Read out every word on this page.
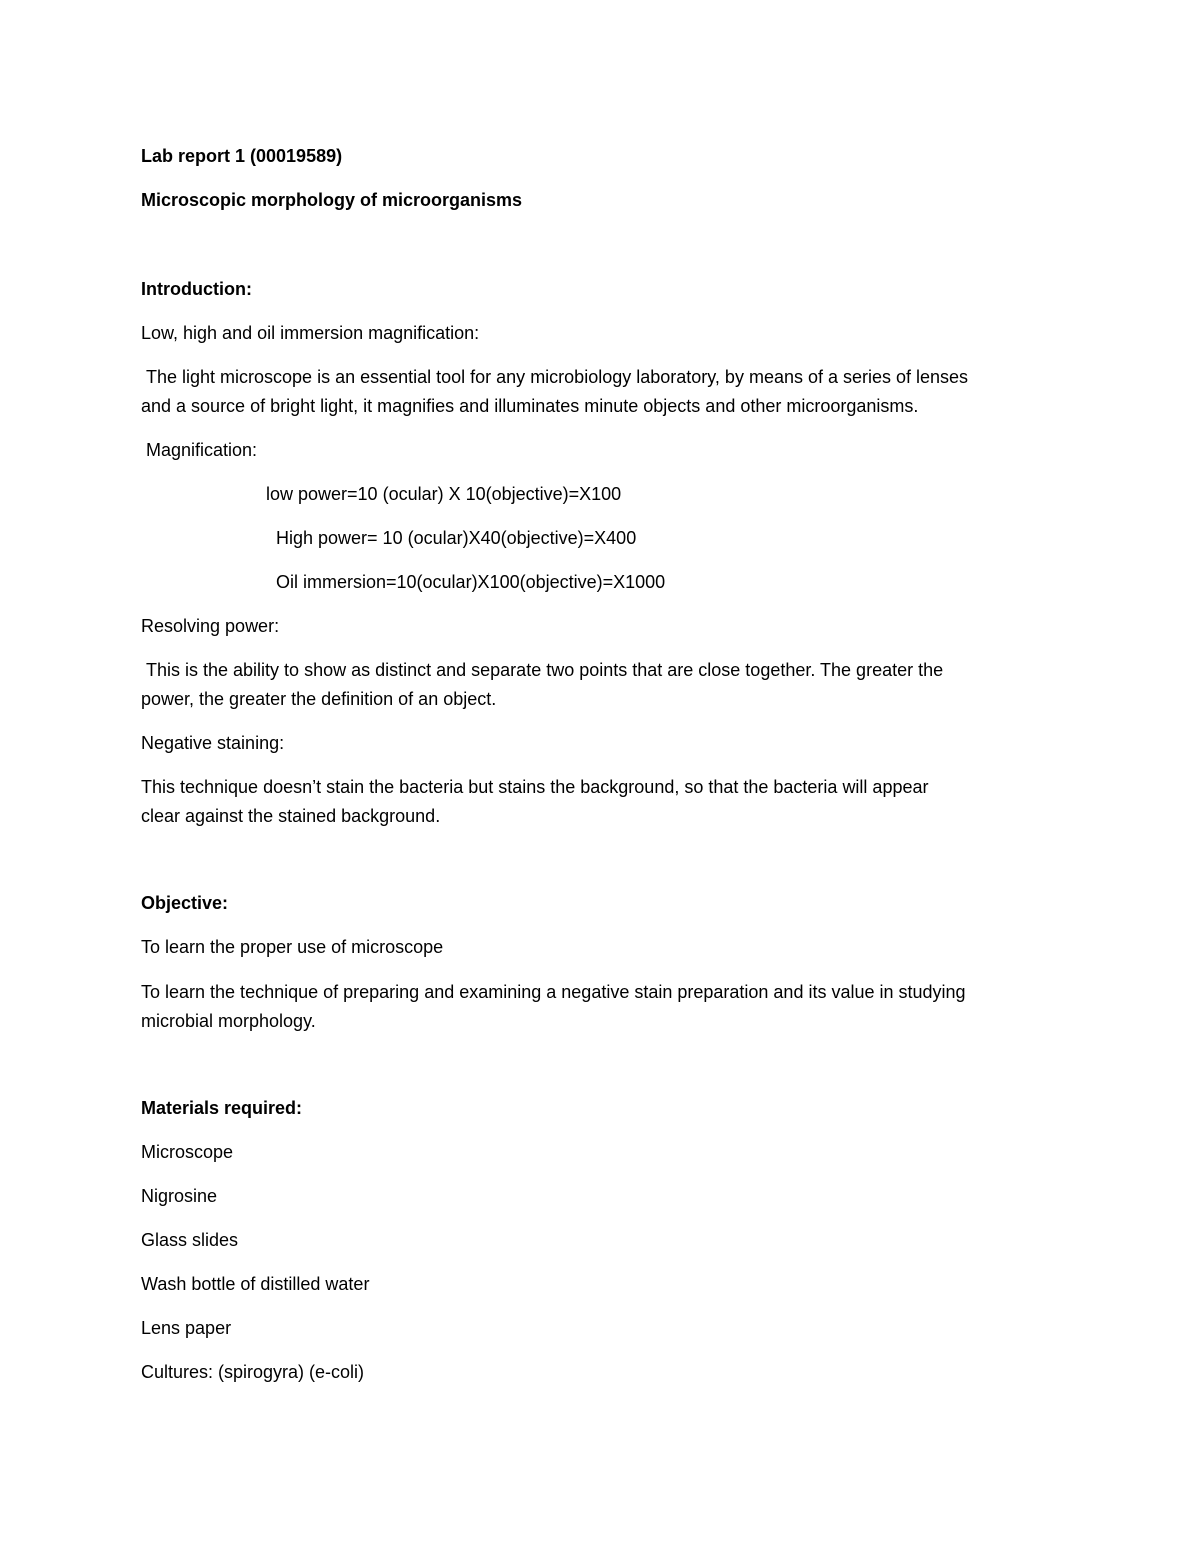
Lab report 1 (00019589)
Microscopic morphology of microorganisms
Introduction:
Low, high and oil immersion magnification:
The light microscope is an essential tool for any microbiology laboratory, by means of a series of lenses
and a source of bright light, it magnifies and illuminates minute objects and other microorganisms.
Magnification:
low power=10 (ocular) X 10(objective)=X100
High power= 10 (ocular)X40(objective)=X400
Oil immersion=10(ocular)X100(objective)=X1000
Resolving power:
This is the ability to show as distinct and separate two points that are close together. The greater the
power, the greater the definition of an object.
Negative staining:
This technique doesn’t stain the bacteria but stains the background, so that the bacteria will appear
clear against the stained background.
Objective:
To learn the proper use of microscope
To learn the technique of preparing and examining a negative stain preparation and its value in studying
microbial morphology.
Materials required:
Microscope
Nigrosine
Glass slides
Wash bottle of distilled water
Lens paper
Cultures: (spirogyra) (e-coli)
